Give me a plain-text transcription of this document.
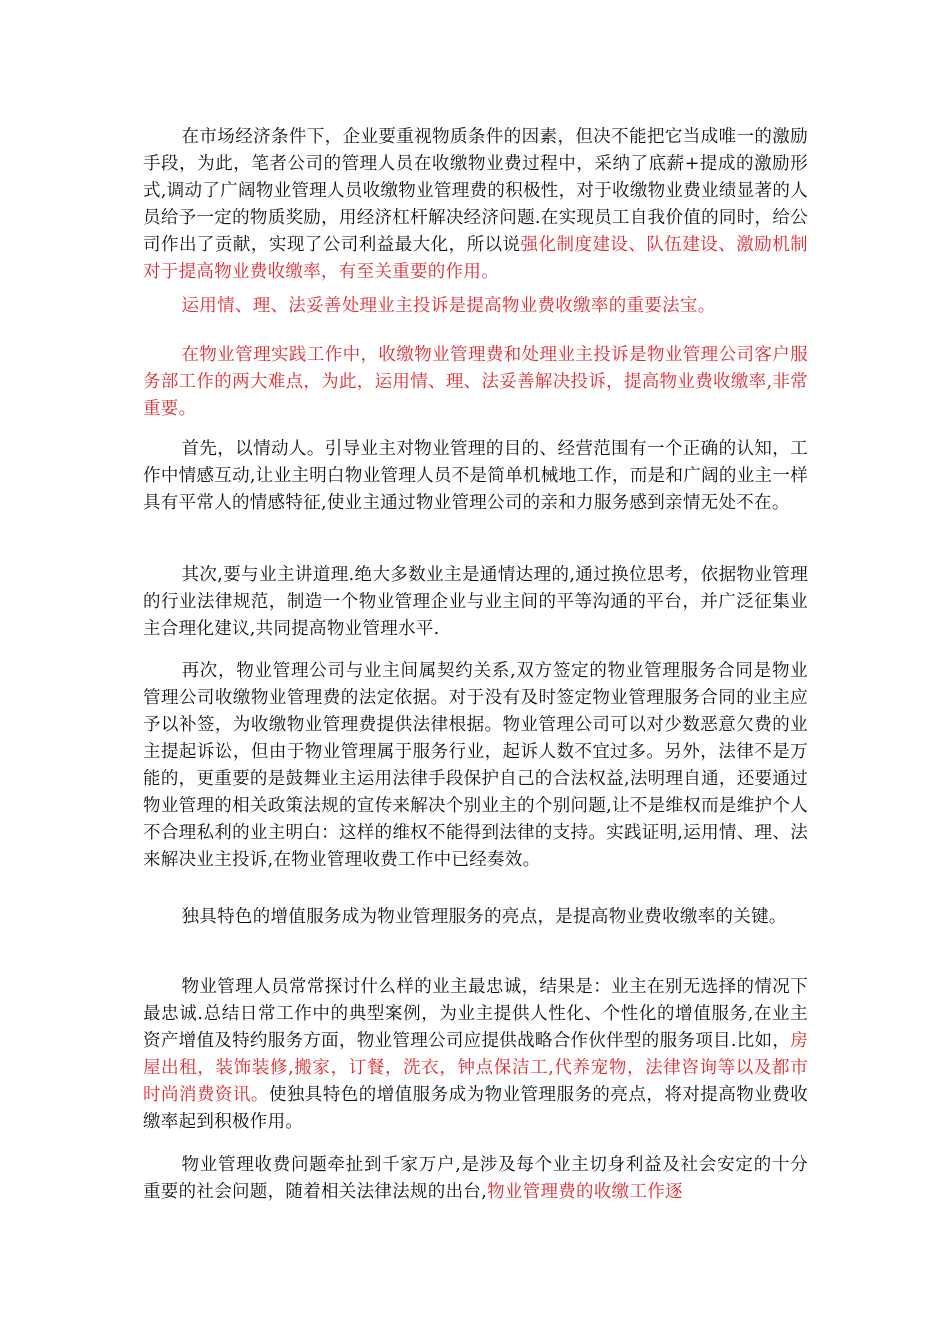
在市场经济条件下，企业要重视物质条件的因素，但决不能把它当成唯一的激励手段，为此，笔者公司的管理人员在收缴物业费过程中，采纳了底薪+提成的激励形式,调动了广阔物业管理人员收缴物业管理费的积极性，对于收缴物业费业绩显著的人员给予一定的物质奖励，用经济杠杆解决经济问题.在实现员工自我价值的同时，给公司作出了贡献，实现了公司利益最大化，所以说强化制度建设、队伍建设、激励机制对于提高物业费收缴率，有至关重要的作用。

运用情、理、法妥善处理业主投诉是提高物业费收缴率的重要法宝。

在物业管理实践工作中，收缴物业管理费和处理业主投诉是物业管理公司客户服务部工作的两大难点，为此，运用情、理、法妥善解决投诉，提高物业费收缴率,非常重要。

首先，以情动人。引导业主对物业管理的目的、经营范围有一个正确的认知，工作中情感互动,让业主明白物业管理人员不是简单机械地工作，而是和广阔的业主一样具有平常人的情感特征,使业主通过物业管理公司的亲和力服务感到亲情无处不在。

其次,要与业主讲道理.绝大多数业主是通情达理的,通过换位思考，依据物业管理的行业法律规范，制造一个物业管理企业与业主间的平等沟通的平台，并广泛征集业主合理化建议,共同提高物业管理水平.

再次，物业管理公司与业主间属契约关系,双方签定的物业管理服务合同是物业管理公司收缴物业管理费的法定依据。对于没有及时签定物业管理服务合同的业主应予以补签，为收缴物业管理费提供法律根据。物业管理公司可以对少数恶意欠费的业主提起诉讼，但由于物业管理属于服务行业，起诉人数不宜过多。另外，法律不是万能的，更重要的是鼓舞业主运用法律手段保护自己的合法权益,法明理自通，还要通过物业管理的相关政策法规的宣传来解决个别业主的个别问题,让不是维权而是维护个人不合理私利的业主明白：这样的维权不能得到法律的支持。实践证明,运用情、理、法来解决业主投诉,在物业管理收费工作中已经奏效。

独具特色的增值服务成为物业管理服务的亮点，是提高物业费收缴率的关键。

物业管理人员常常探讨什么样的业主最忠诚，结果是：业主在别无选择的情况下最忠诚.总结日常工作中的典型案例，为业主提供人性化、个性化的增值服务,在业主资产增值及特约服务方面，物业管理公司应提供战略合作伙伴型的服务项目.比如，房屋出租，装饰装修,搬家，订餐，洗衣，钟点保洁工,代养宠物，法律咨询等以及都市时尚消费资讯。使独具特色的增值服务成为物业管理服务的亮点，将对提高物业费收缴率起到积极作用。

物业管理收费问题牵扯到千家万户,是涉及每个业主切身利益及社会安定的十分重要的社会问题，随着相关法律法规的出台,物业管理费的收缴工作逐
